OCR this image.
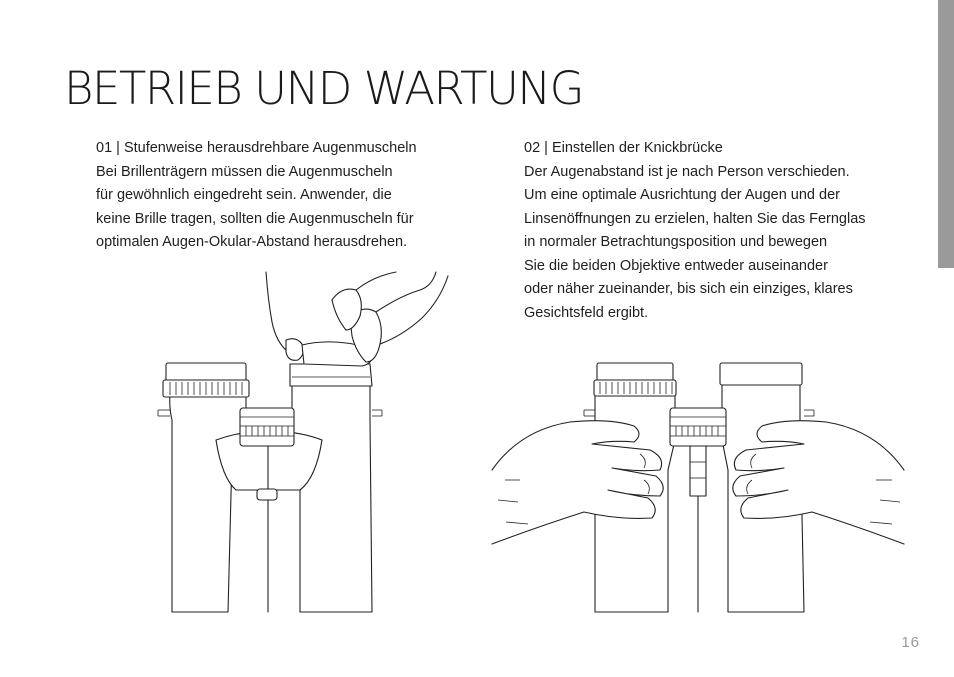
BETRIEB UND WARTUNG
01 | Stufenweise herausdrehbare Augenmuscheln
Bei Brillenträgern müssen die Augenmuscheln
für gewöhnlich eingedreht sein. Anwender, die
keine Brille tragen, sollten die Augenmuscheln für
optimalen Augen-Okular-Abstand herausdrehen.
02 | Einstellen der Knickbrücke
Der Augenabstand ist je nach Person verschieden.
Um eine optimale Ausrichtung der Augen und der
Linsenöffnungen zu erzielen, halten Sie das Fernglas
in normaler Betrachtungsposition und bewegen
Sie die beiden Objektive entweder auseinander
oder näher zueinander, bis sich ein einziges, klares
Gesichtsfeld ergibt.
16
